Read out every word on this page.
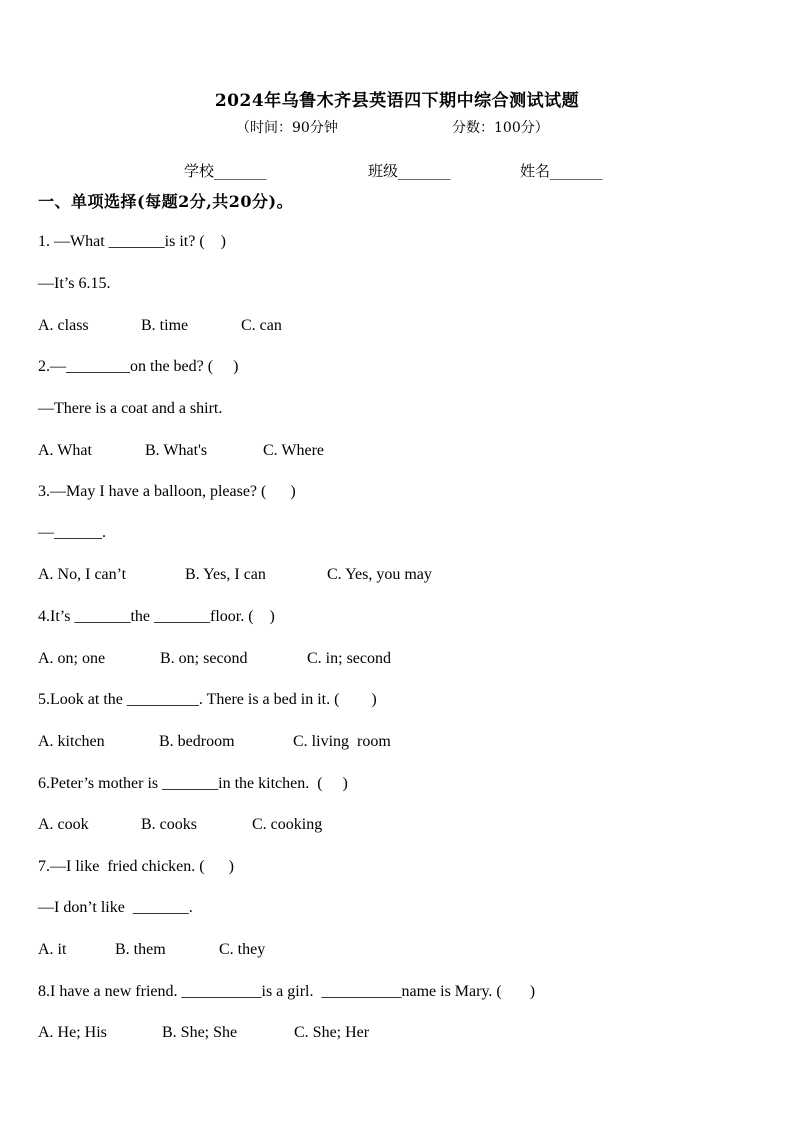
2024年乌鲁木齐县英语四下期中综合测试试题
（时间：90分钟	分数：100分）
学校_______	班级_______	姓名_______
一、单项选择(每题2分,共20分)。
1. —What _______is it? (    )
—It’s 6.15.
A. class	B. time	C. can
2.—________on the bed? (     )
—There is a coat and a shirt.
A. What	B. What's	C. Where
3.—May I have a balloon, please? (      )
—______.
A. No, I can’t	B. Yes, I can	C. Yes, you may
4.It’s _______the _______floor. (    )
A. on; one	B. on; second	C. in; second
5.Look at the _________. There is a bed in it. (        )
A. kitchen	B. bedroom	C. living  room
6.Peter’s mother is _______in the kitchen.  (     )
A. cook	B. cooks	C. cooking
7.—I like  fried chicken. (      )
—I don’t like  _______.
A. it	B. them	C. they
8.I have a new friend. __________is a girl.  __________name is Mary. (       )
A. He; His	B. She; She	C. She; Her
